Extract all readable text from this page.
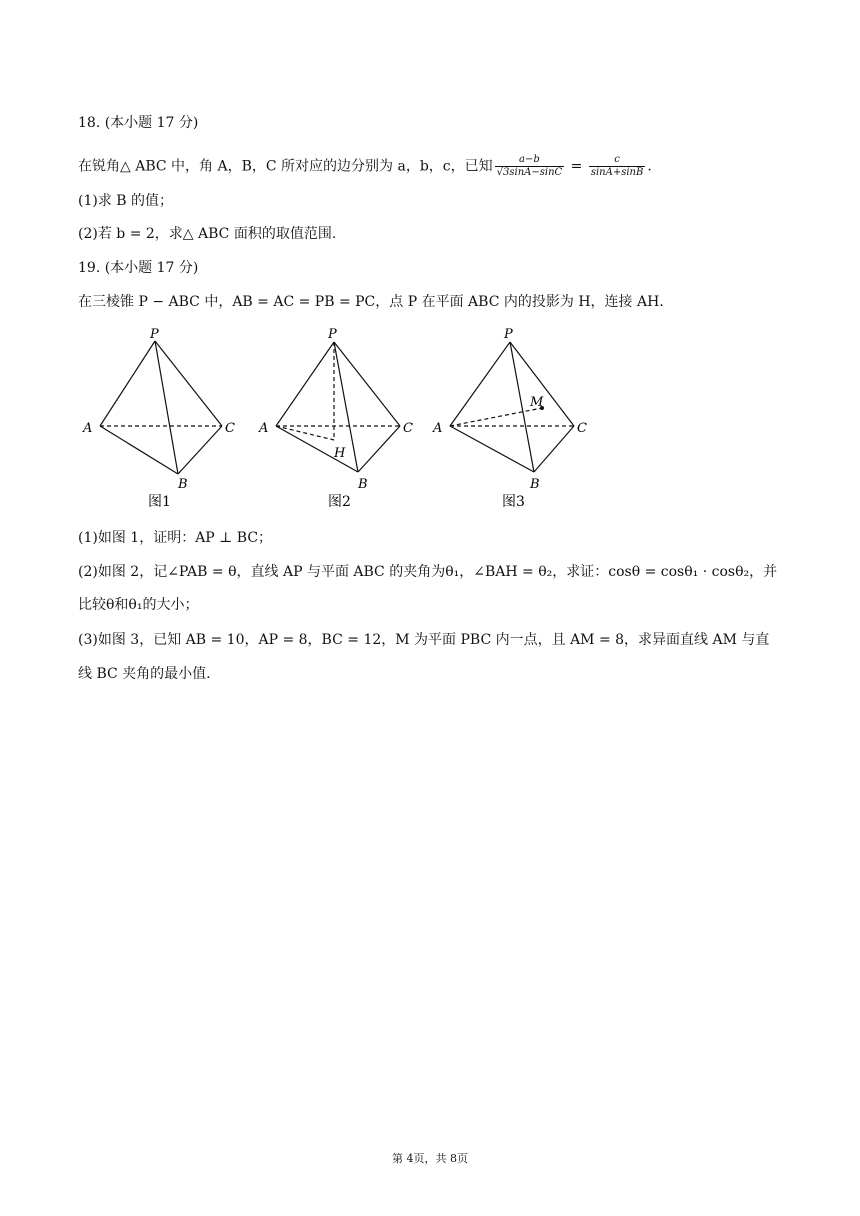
18. (本小题 17 分)
在锐角△ ABC 中，角 A，B，C 所对应的边分别为 a，b，c，已知 $\frac{a-b}{√3\sin A-\sin C} = \frac{c}{\sin A+\sin B}$ .
(1)求 B 的值；
(2)若 b = 2，求△ ABC 面积的取值范围.
19. (本小题 17 分)
在三棱锥 P − ABC 中，AB = AC = PB = PC，点 P 在平面 ABC 内的投影为 H，连接 AH.
P
A	C
B
图1
P
A	C
B
H
图2
P
A	C
B
M
图3
(1)如图 1，证明：AP ⊥ BC；
(2)如图 2，记∠PAB = θ，直线 AP 与平面 ABC 的夹角为θ₁，∠BAH = θ₂，求证：cosθ = cosθ₁ · cosθ₂，并
比较θ和θ₁的大小；
(3)如图 3，已知 AB = 10，AP = 8，BC = 12，M 为平面 PBC 内一点，且 AM = 8，求异面直线 AM 与直
线 BC 夹角的最小值.
第 4页，共 8页
